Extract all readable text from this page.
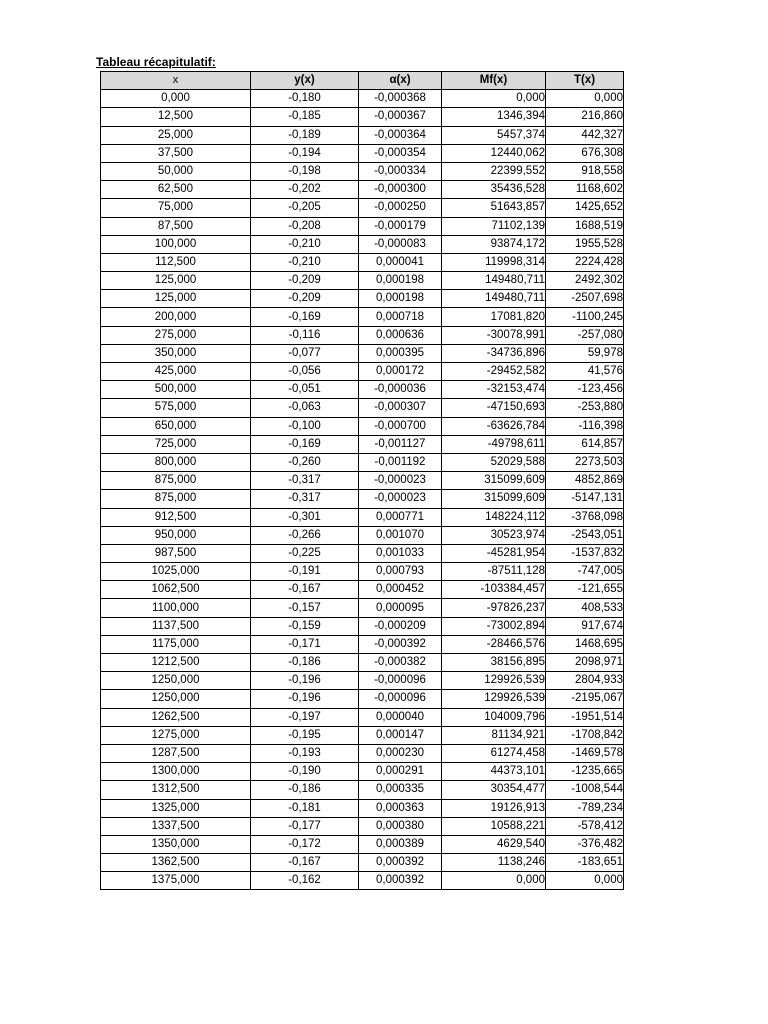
Tableau récapitulatif:
x	y(x)	α(x)	Mf(x)	T(x)
0,000	-0,180	-0,000368	0,000	0,000
12,500	-0,185	-0,000367	1346,394	216,860
25,000	-0,189	-0,000364	5457,374	442,327
37,500	-0,194	-0,000354	12440,062	676,308
50,000	-0,198	-0,000334	22399,552	918,558
62,500	-0,202	-0,000300	35436,528	1168,602
75,000	-0,205	-0,000250	51643,857	1425,652
87,500	-0,208	-0,000179	71102,139	1688,519
100,000	-0,210	-0,000083	93874,172	1955,528
112,500	-0,210	0,000041	119998,314	2224,428
125,000	-0,209	0,000198	149480,711	2492,302
125,000	-0,209	0,000198	149480,711	-2507,698
200,000	-0,169	0,000718	17081,820	-1100,245
275,000	-0,116	0,000636	-30078,991	-257,080
350,000	-0,077	0,000395	-34736,896	59,978
425,000	-0,056	0,000172	-29452,582	41,576
500,000	-0,051	-0,000036	-32153,474	-123,456
575,000	-0,063	-0,000307	-47150,693	-253,880
650,000	-0,100	-0,000700	-63626,784	-116,398
725,000	-0,169	-0,001127	-49798,611	614,857
800,000	-0,260	-0,001192	52029,588	2273,503
875,000	-0,317	-0,000023	315099,609	4852,869
875,000	-0,317	-0,000023	315099,609	-5147,131
912,500	-0,301	0,000771	148224,112	-3768,098
950,000	-0,266	0,001070	30523,974	-2543,051
987,500	-0,225	0,001033	-45281,954	-1537,832
1025,000	-0,191	0,000793	-87511,128	-747,005
1062,500	-0,167	0,000452	-103384,457	-121,655
1100,000	-0,157	0,000095	-97826,237	408,533
1137,500	-0,159	-0,000209	-73002,894	917,674
1175,000	-0,171	-0,000392	-28466,576	1468,695
1212,500	-0,186	-0,000382	38156,895	2098,971
1250,000	-0,196	-0,000096	129926,539	2804,933
1250,000	-0,196	-0,000096	129926,539	-2195,067
1262,500	-0,197	0,000040	104009,796	-1951,514
1275,000	-0,195	0,000147	81134,921	-1708,842
1287,500	-0,193	0,000230	61274,458	-1469,578
1300,000	-0,190	0,000291	44373,101	-1235,665
1312,500	-0,186	0,000335	30354,477	-1008,544
1325,000	-0,181	0,000363	19126,913	-789,234
1337,500	-0,177	0,000380	10588,221	-578,412
1350,000	-0,172	0,000389	4629,540	-376,482
1362,500	-0,167	0,000392	1138,246	-183,651
1375,000	-0,162	0,000392	0,000	0,000
